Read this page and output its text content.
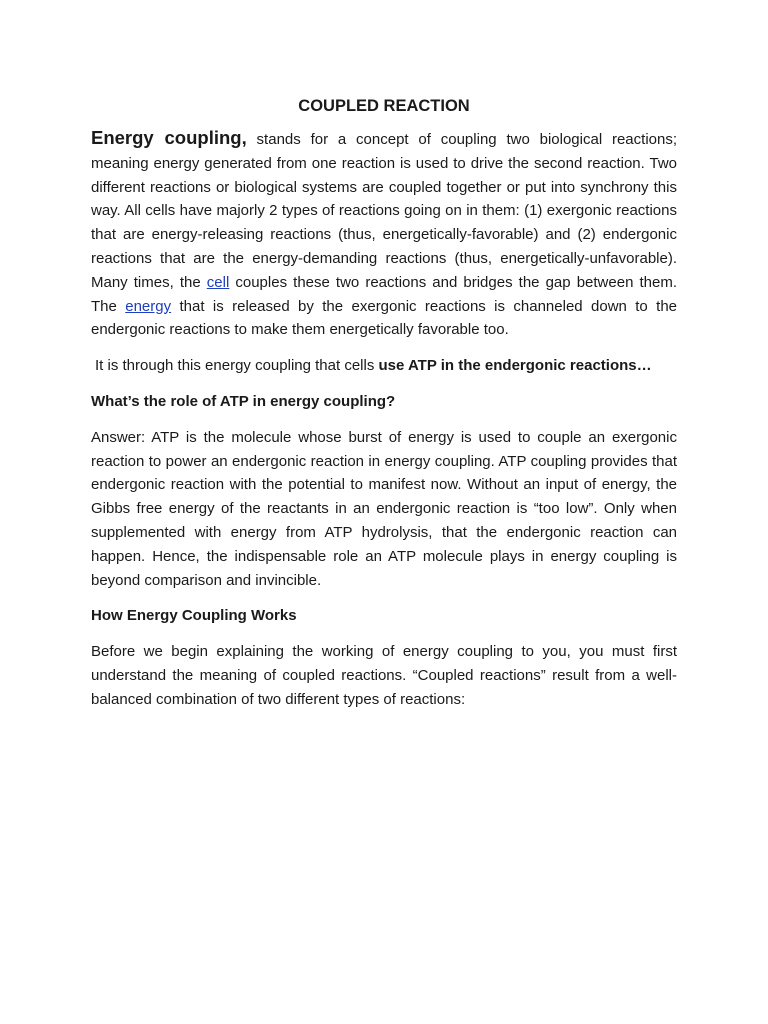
COUPLED REACTION

Energy coupling, stands for a concept of coupling two biological reactions; meaning energy generated from one reaction is used to drive the second reaction. Two different reactions or biological systems are coupled together or put into synchrony this way. All cells have majorly 2 types of reactions going on in them: (1) exergonic reactions that are energy-releasing reactions (thus, energetically-favorable) and (2) endergonic reactions that are the energy-demanding reactions (thus, energetically-unfavorable). Many times, the cell couples these two reactions and bridges the gap between them. The energy that is released by the exergonic reactions is channeled down to the endergonic reactions to make them energetically favorable too.

It is through this energy coupling that cells use ATP in the endergonic reactions…

What’s the role of ATP in energy coupling?

Answer: ATP is the molecule whose burst of energy is used to couple an exergonic reaction to power an endergonic reaction in energy coupling. ATP coupling provides that endergonic reaction with the potential to manifest now. Without an input of energy, the Gibbs free energy of the reactants in an endergonic reaction is “too low”. Only when supplemented with energy from ATP hydrolysis, that the endergonic reaction can happen. Hence, the indispensable role an ATP molecule plays in energy coupling is beyond comparison and invincible.

How Energy Coupling Works

Before we begin explaining the working of energy coupling to you, you must first understand the meaning of coupled reactions. “Coupled reactions” result from a well-balanced combination of two different types of reactions:
